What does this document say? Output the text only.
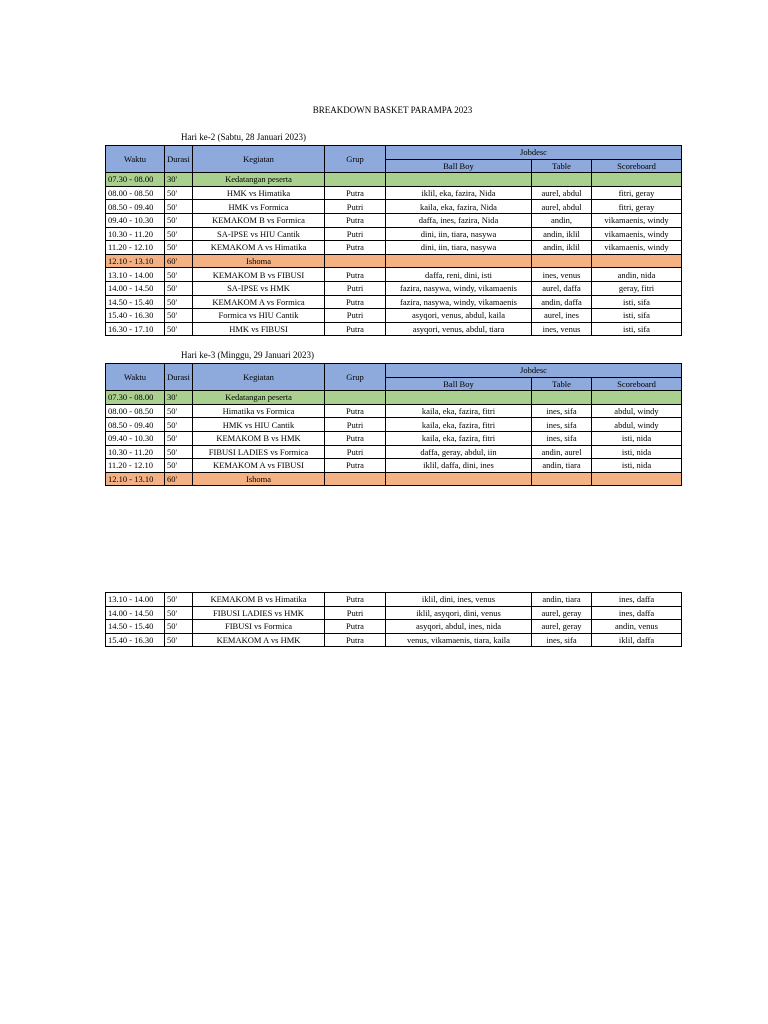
BREAKDOWN BASKET PARAMPA 2023
Hari ke-2 (Sabtu, 28 Januari 2023)
Waktu	Durasi	Kegiatan	Grup	Jobdesc		
				Ball Boy	Table	Scoreboard
07.30 - 08.00	30'	Kedatangan peserta				
08.00 - 08.50	50'	HMK vs Himatika	Putra	iklil, eka, fazira, Nida	aurel, abdul	fitri, geray
08.50 - 09.40	50'	HMK vs Formica	Putri	kaila, eka, fazira, Nida	aurel, abdul	fitri, geray
09.40 - 10.30	50'	KEMAKOM B vs Formica	Putra	daffa, ines, fazira, Nida	andin,	vikamaenis, windy
10.30 - 11.20	50'	SA-IPSE vs HIU Cantik	Putri	dini, iin, tiara, nasywa	andin, iklil	vikamaenis, windy
11.20 - 12.10	50'	KEMAKOM A vs Himatika	Putra	dini, iin, tiara, nasywa	andin, iklil	vikamaenis, windy
12.10 - 13.10	60'	Ishoma				
13.10 - 14.00	50'	KEMAKOM B vs FIBUSI	Putra	daffa, reni, dini, isti	ines, venus	andin, nida
14.00 - 14.50	50'	SA-IPSE vs HMK	Putri	fazira, nasywa, windy, vikamaenis	aurel, daffa	geray, fitri
14.50 - 15.40	50'	KEMAKOM A vs Formica	Putra	fazira, nasywa, windy, vikamaenis	andin, daffa	isti, sifa
15.40 - 16.30	50'	Formica vs HIU Cantik	Putri	asyqori, venus, abdul, kaila	aurel, ines	isti, sifa
16.30 - 17.10	50'	HMK vs FIBUSI	Putra	asyqori, venus, abdul, tiara	ines, venus	isti, sifa
Hari ke-3 (Minggu, 29 Januari 2023)
Waktu	Durasi	Kegiatan	Grup	Jobdesc		
				Ball Boy	Table	Scoreboard
07.30 - 08.00	30'	Kedatangan peserta				
08.00 - 08.50	50'	Himatika vs Formica	Putra	kaila, eka, fazira, fitri	ines, sifa	abdul, windy
08.50 - 09.40	50'	HMK vs HIU Cantik	Putri	kaila, eka, fazira, fitri	ines, sifa	abdul, windy
09.40 - 10.30	50'	KEMAKOM B vs HMK	Putra	kaila, eka, fazira, fitri	ines, sifa	isti, nida
10.30 - 11.20	50'	FIBUSI LADIES vs Formica	Putri	daffa, geray, abdul, iin	andin, aurel	isti, nida
11.20 - 12.10	50'	KEMAKOM A vs FIBUSI	Putra	iklil, daffa, dini, ines	andin, tiara	isti, nida
12.10 - 13.10	60'	Ishoma				
13.10 - 14.00	50'	KEMAKOM B vs Himatika	Putra	iklil, dini, ines, venus	andin, tiara	ines, daffa
14.00 - 14.50	50'	FIBUSI LADIES vs HMK	Putri	iklil, asyqori, dini, venus	aurel, geray	ines, daffa
14.50 - 15.40	50'	FIBUSI vs Formica	Putra	asyqori, abdul, ines, nida	aurel, geray	andin, venus
15.40 - 16.30	50'	KEMAKOM A vs HMK	Putra	venus, vikamaenis, tiara, kaila	ines, sifa	iklil, daffa
